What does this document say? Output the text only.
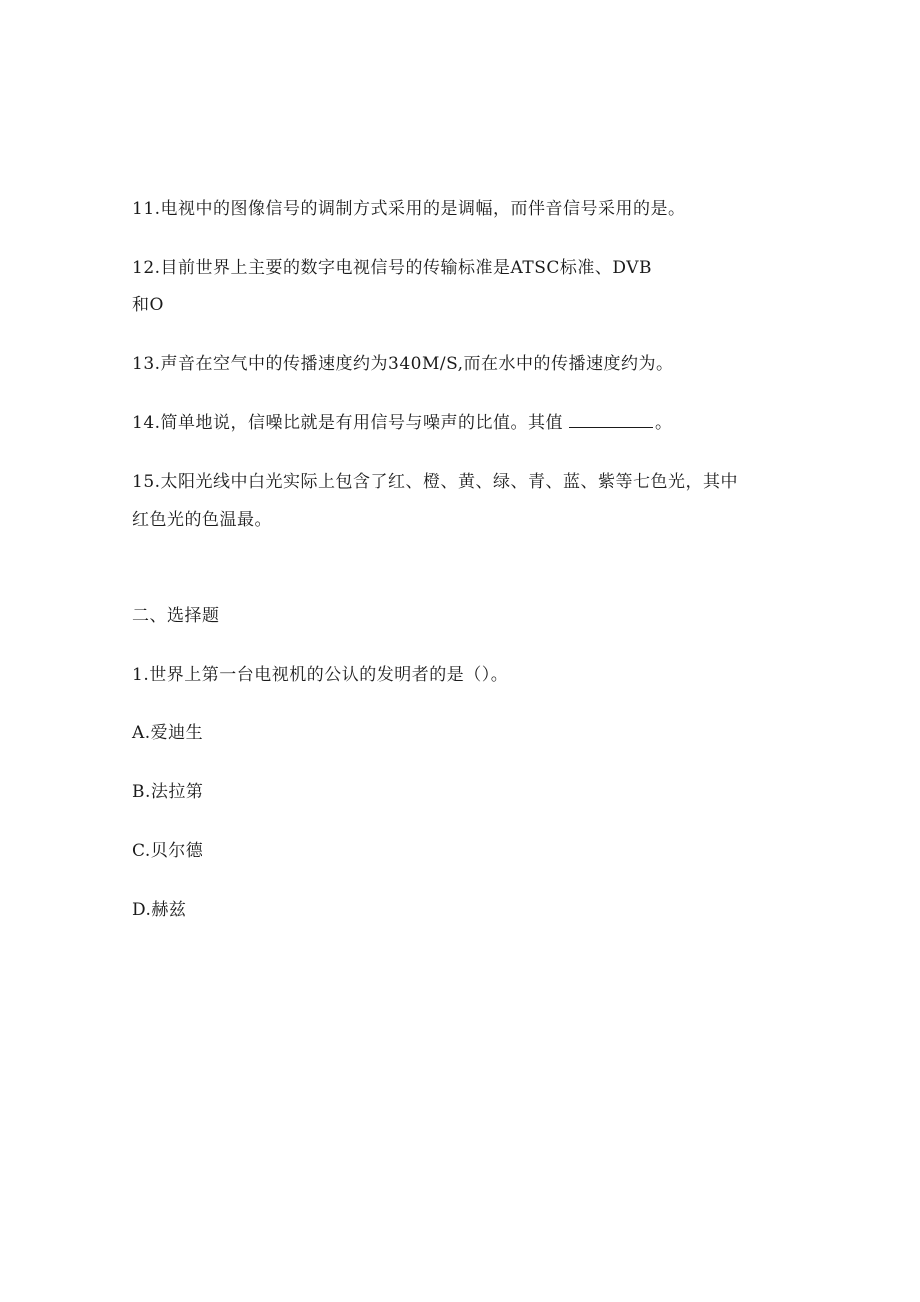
11.电视中的图像信号的调制方式采用的是调幅，而伴音信号采用的是。
12.目前世界上主要的数字电视信号的传输标准是ATSC标准、DVB
和O
13.声音在空气中的传播速度约为340M/S,而在水中的传播速度约为。
14.简单地说，信噪比就是有用信号与噪声的比值。其值	。
15.太阳光线中白光实际上包含了红、橙、黄、绿、青、蓝、紫等七色光，其中
红色光的色温最。
二、选择题
1.世界上第一台电视机的公认的发明者的是（）。
A.爱迪生
B.法拉第
C.贝尔德
D.赫兹
